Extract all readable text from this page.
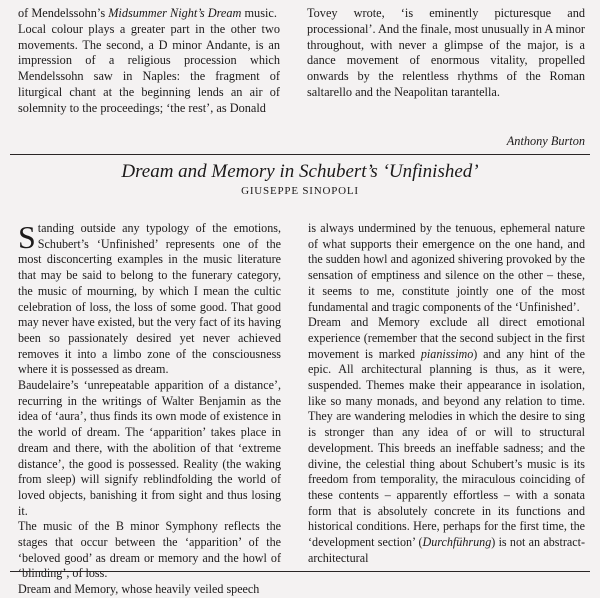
of Mendelssohn’s Midsummer Night’s Dream music.

Local colour plays a greater part in the other two movements. The second, a D minor Andante, is an impression of a religious procession which Mendelssohn saw in Naples: the fragment of liturgical chant at the beginning lends an air of solemnity to the proceedings; ‘the rest’, as Donald

Tovey wrote, ‘is eminently picturesque and processional’. And the finale, most unusually in A minor throughout, with never a glimpse of the major, is a dance movement of enormous vitality, propelled onwards by the relentless rhythms of the Roman saltarello and the Neapolitan tarantella.

Anthony Burton

Dream and Memory in Schubert’s ‘Unfinished’
GIUSEPPE SINOPOLI
S tanding outside any typology of the emotions, Schubert’s ‘Unfinished’ represents one of the most disconcerting examples in the music literature that may be said to belong to the funerary category, the music of mourning, by which I mean the cultic celebration of loss, the loss of some good. That good may never have existed, but the very fact of its having been so passionately desired yet never achieved removes it into a limbo zone of the consciousness where it is possessed as dream.

Baudelaire’s ‘unrepeatable apparition of a distance’, recurring in the writings of Walter Benjamin as the idea of ‘aura’, thus finds its own mode of existence in the world of dream. The ‘apparition’ takes place in dream and there, with the abolition of that ‘extreme distance’, the good is possessed. Reality (the waking from sleep) will signify reblindfolding the world of loved objects, banishing it from sight and thus losing it.

The music of the B minor Symphony reflects the stages that occur between the ‘apparition’ of the ‘beloved good’ as dream or memory and the howl of ‘blinding’, of loss.

Dream and Memory, whose heavily veiled speech

is always undermined by the tenuous, ephemeral nature of what supports their emergence on the one hand, and the sudden howl and agonized shivering provoked by the sensation of emptiness and silence on the other – these, it seems to me, constitute jointly one of the most fundamental and tragic components of the ‘Unfinished’.

Dream and Memory exclude all direct emotional experience (remember that the second subject in the first movement is marked pianissimo) and any hint of the epic. All architectural planning is thus, as it were, suspended. Themes make their appearance in isolation, like so many monads, and beyond any relation to time. They are wandering melodies in which the desire to sing is stronger than any idea of or will to structural development. This breeds an ineffable sadness; and the divine, the celestial thing about Schubert’s music is its freedom from temporality, the miraculous coinciding of these contents – apparently effortless – with a sonata form that is absolutely concrete in its functions and historical conditions. Here, perhaps for the first time, the ‘development section’ (Durchführung) is not an abstract-architectural
